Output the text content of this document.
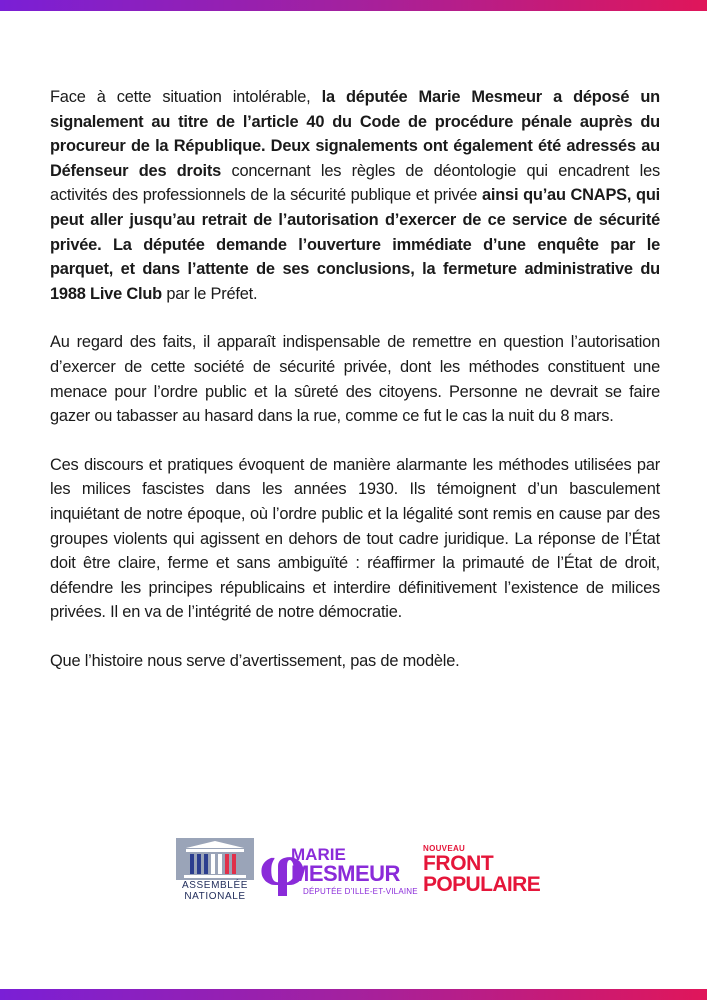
Face à cette situation intolérable, la députée Marie Mesmeur a déposé un signalement au titre de l’article 40 du Code de procédure pénale auprès du procureur de la République. Deux signalements ont également été adressés au Défenseur des droits concernant les règles de déontologie qui encadrent les activités des professionnels de la sécurité publique et privée ainsi qu’au CNAPS, qui peut aller jusqu’au retrait de l’autorisation d’exercer de ce service de sécurité privée. La députée demande l’ouverture immédiate d’une enquête par le parquet, et dans l’attente de ses conclusions, la fermeture administrative du 1988 Live Club par le Préfet.

Au regard des faits, il apparaît indispensable de remettre en question l’autorisation d’exercer de cette société de sécurité privée, dont les méthodes constituent une menace pour l’ordre public et la sûreté des citoyens. Personne ne devrait se faire gazer ou tabasser au hasard dans la rue, comme ce fut le cas la nuit du 8 mars.

Ces discours et pratiques évoquent de manière alarmante les méthodes utilisées par les milices fascistes dans les années 1930. Ils témoignent d’un basculement inquiétant de notre époque, où l’ordre public et la légalité sont remis en cause par des groupes violents qui agissent en dehors de tout cadre juridique. La réponse de l’État doit être claire, ferme et sans ambiguïté : réaffirmer la primauté de l’État de droit, défendre les principes républicains et interdire définitivement l’existence de milices privées. Il en va de l’intégrité de notre démocratie.

Que l’histoire nous serve d’avertissement, pas de modèle.

ASSEMBLÉE
NATIONALE φ
MARIE
MESMEUR
DÉPUTÉE D’ILLE-ET-VILAINE
NOUVEAU
FRONT
POPULAIRE
